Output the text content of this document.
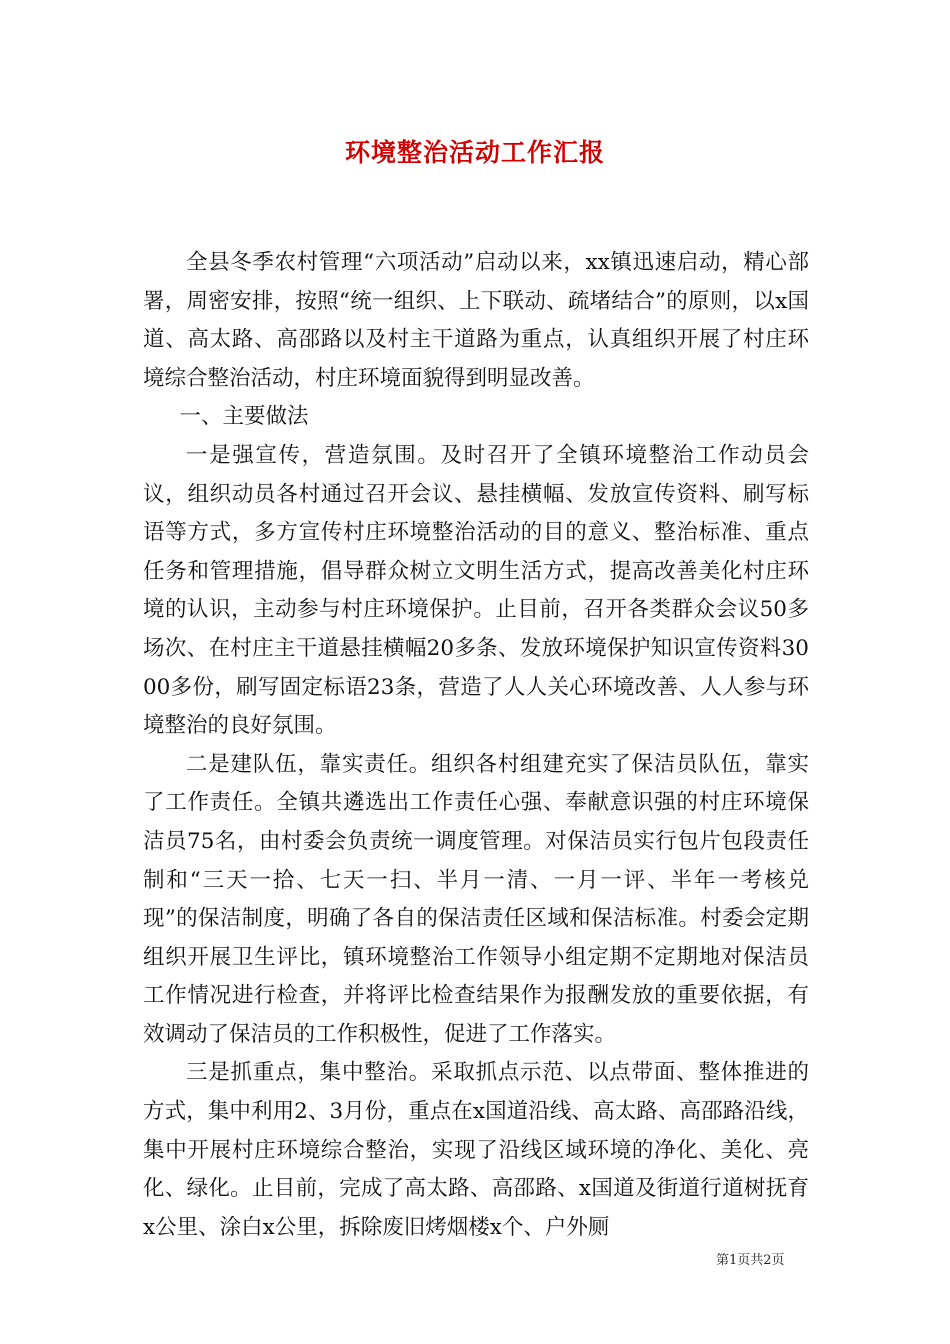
环境整治活动工作汇报

全县冬季农村管理“六项活动”启动以来，xx镇迅速启动，精心部署，周密安排，按照“统一组织、上下联动、疏堵结合”的原则，以x国道、高太路、高邵路以及村主干道路为重点，认真组织开展了村庄环境综合整治活动，村庄环境面貌得到明显改善。

一、主要做法

一是强宣传，营造氛围。及时召开了全镇环境整治工作动员会议，组织动员各村通过召开会议、悬挂横幅、发放宣传资料、刷写标语等方式，多方宣传村庄环境整治活动的目的意义、整治标准、重点任务和管理措施，倡导群众树立文明生活方式，提高改善美化村庄环境的认识，主动参与村庄环境保护。止目前，召开各类群众会议50多场次、在村庄主干道悬挂横幅20多条、发放环境保护知识宣传资料3000多份，刷写固定标语23条，营造了人人关心环境改善、人人参与环境整治的良好氛围。

二是建队伍，靠实责任。组织各村组建充实了保洁员队伍，靠实了工作责任。全镇共遴选出工作责任心强、奉献意识强的村庄环境保洁员75名，由村委会负责统一调度管理。对保洁员实行包片包段责任制和“三天一拾、七天一扫、半月一清、一月一评、半年一考核兑现”的保洁制度，明确了各自的保洁责任区域和保洁标准。村委会定期组织开展卫生评比，镇环境整治工作领导小组定期不定期地对保洁员工作情况进行检查，并将评比检查结果作为报酬发放的重要依据，有效调动了保洁员的工作积极性，促进了工作落实。

三是抓重点，集中整治。采取抓点示范、以点带面、整体推进的方式，集中利用2、3月份，重点在x国道沿线、高太路、高邵路沿线，集中开展村庄环境综合整治，实现了沿线区域环境的净化、美化、亮化、绿化。止目前，完成了高太路、高邵路、x国道及街道行道树抚育x公里、涂白x公里，拆除废旧烤烟楼x个、户外厕

第1页共2页
